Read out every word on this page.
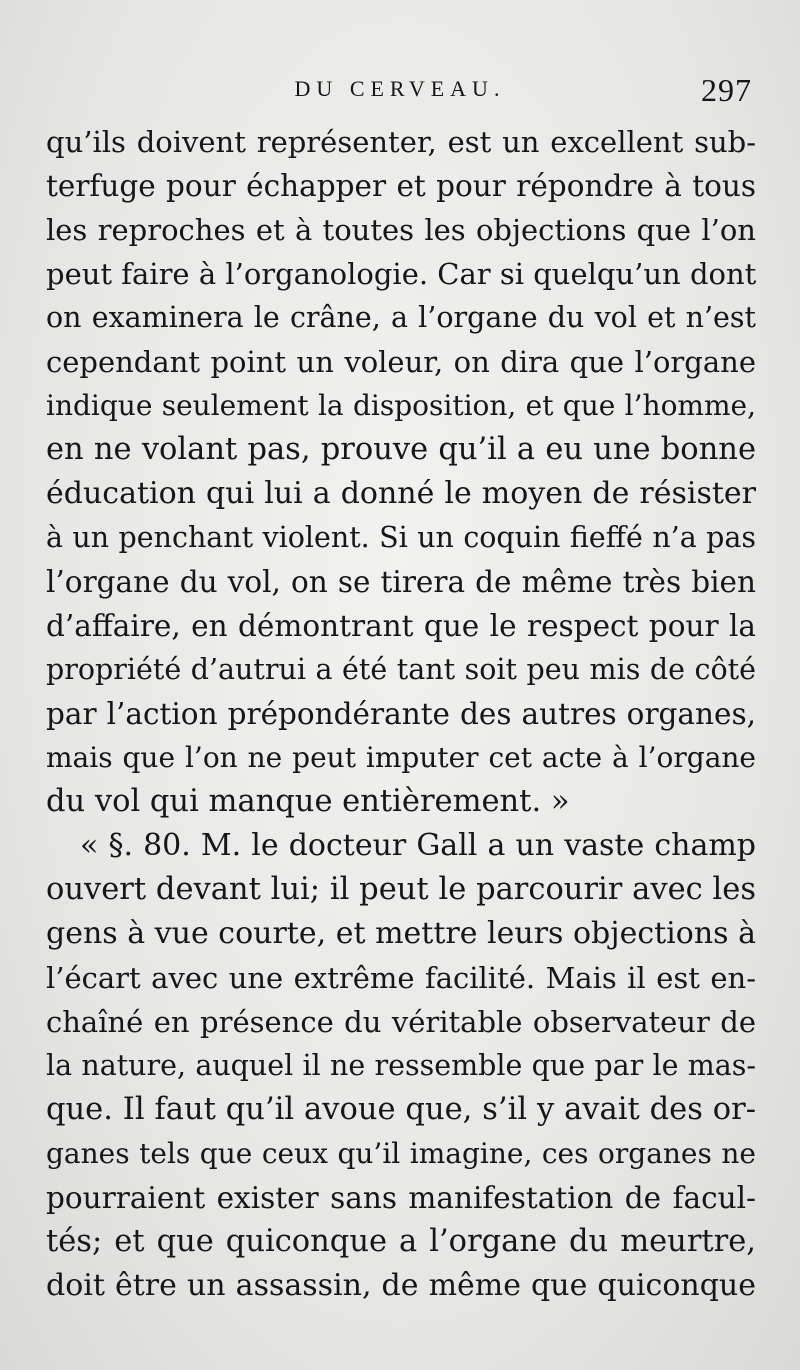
DU CERVEAU.	297
qu’ils doivent représenter, est un excellent sub-
terfuge pour échapper et pour répondre à tous
les reproches et à toutes les objections que l’on
peut faire à l’organologie. Car si quelqu’un dont
on examinera le crâne, a l’organe du vol et n’est
cependant point un voleur, on dira que l’organe
indique seulement la disposition, et que l’homme,
en ne volant pas, prouve qu’il a eu une bonne
éducation qui lui a donné le moyen de résister
à un penchant violent. Si un coquin fieffé n’a pas
l’organe du vol, on se tirera de même très bien
d’affaire, en démontrant que le respect pour la
propriété d’autrui a été tant soit peu mis de côté
par l’action prépondérante des autres organes,
mais que l’on ne peut imputer cet acte à l’organe
du vol qui manque entièrement. »
« §. 80. M. le docteur Gall a un vaste champ
ouvert devant lui; il peut le parcourir avec les
gens à vue courte, et mettre leurs objections à
l’écart avec une extrême facilité. Mais il est en-
chaîné en présence du véritable observateur de
la nature, auquel il ne ressemble que par le mas-
que. Il faut qu’il avoue que, s’il y avait des or-
ganes tels que ceux qu’il imagine, ces organes ne
pourraient exister sans manifestation de facul-
tés; et que quiconque a l’organe du meurtre,
doit être un assassin, de même que quiconque
